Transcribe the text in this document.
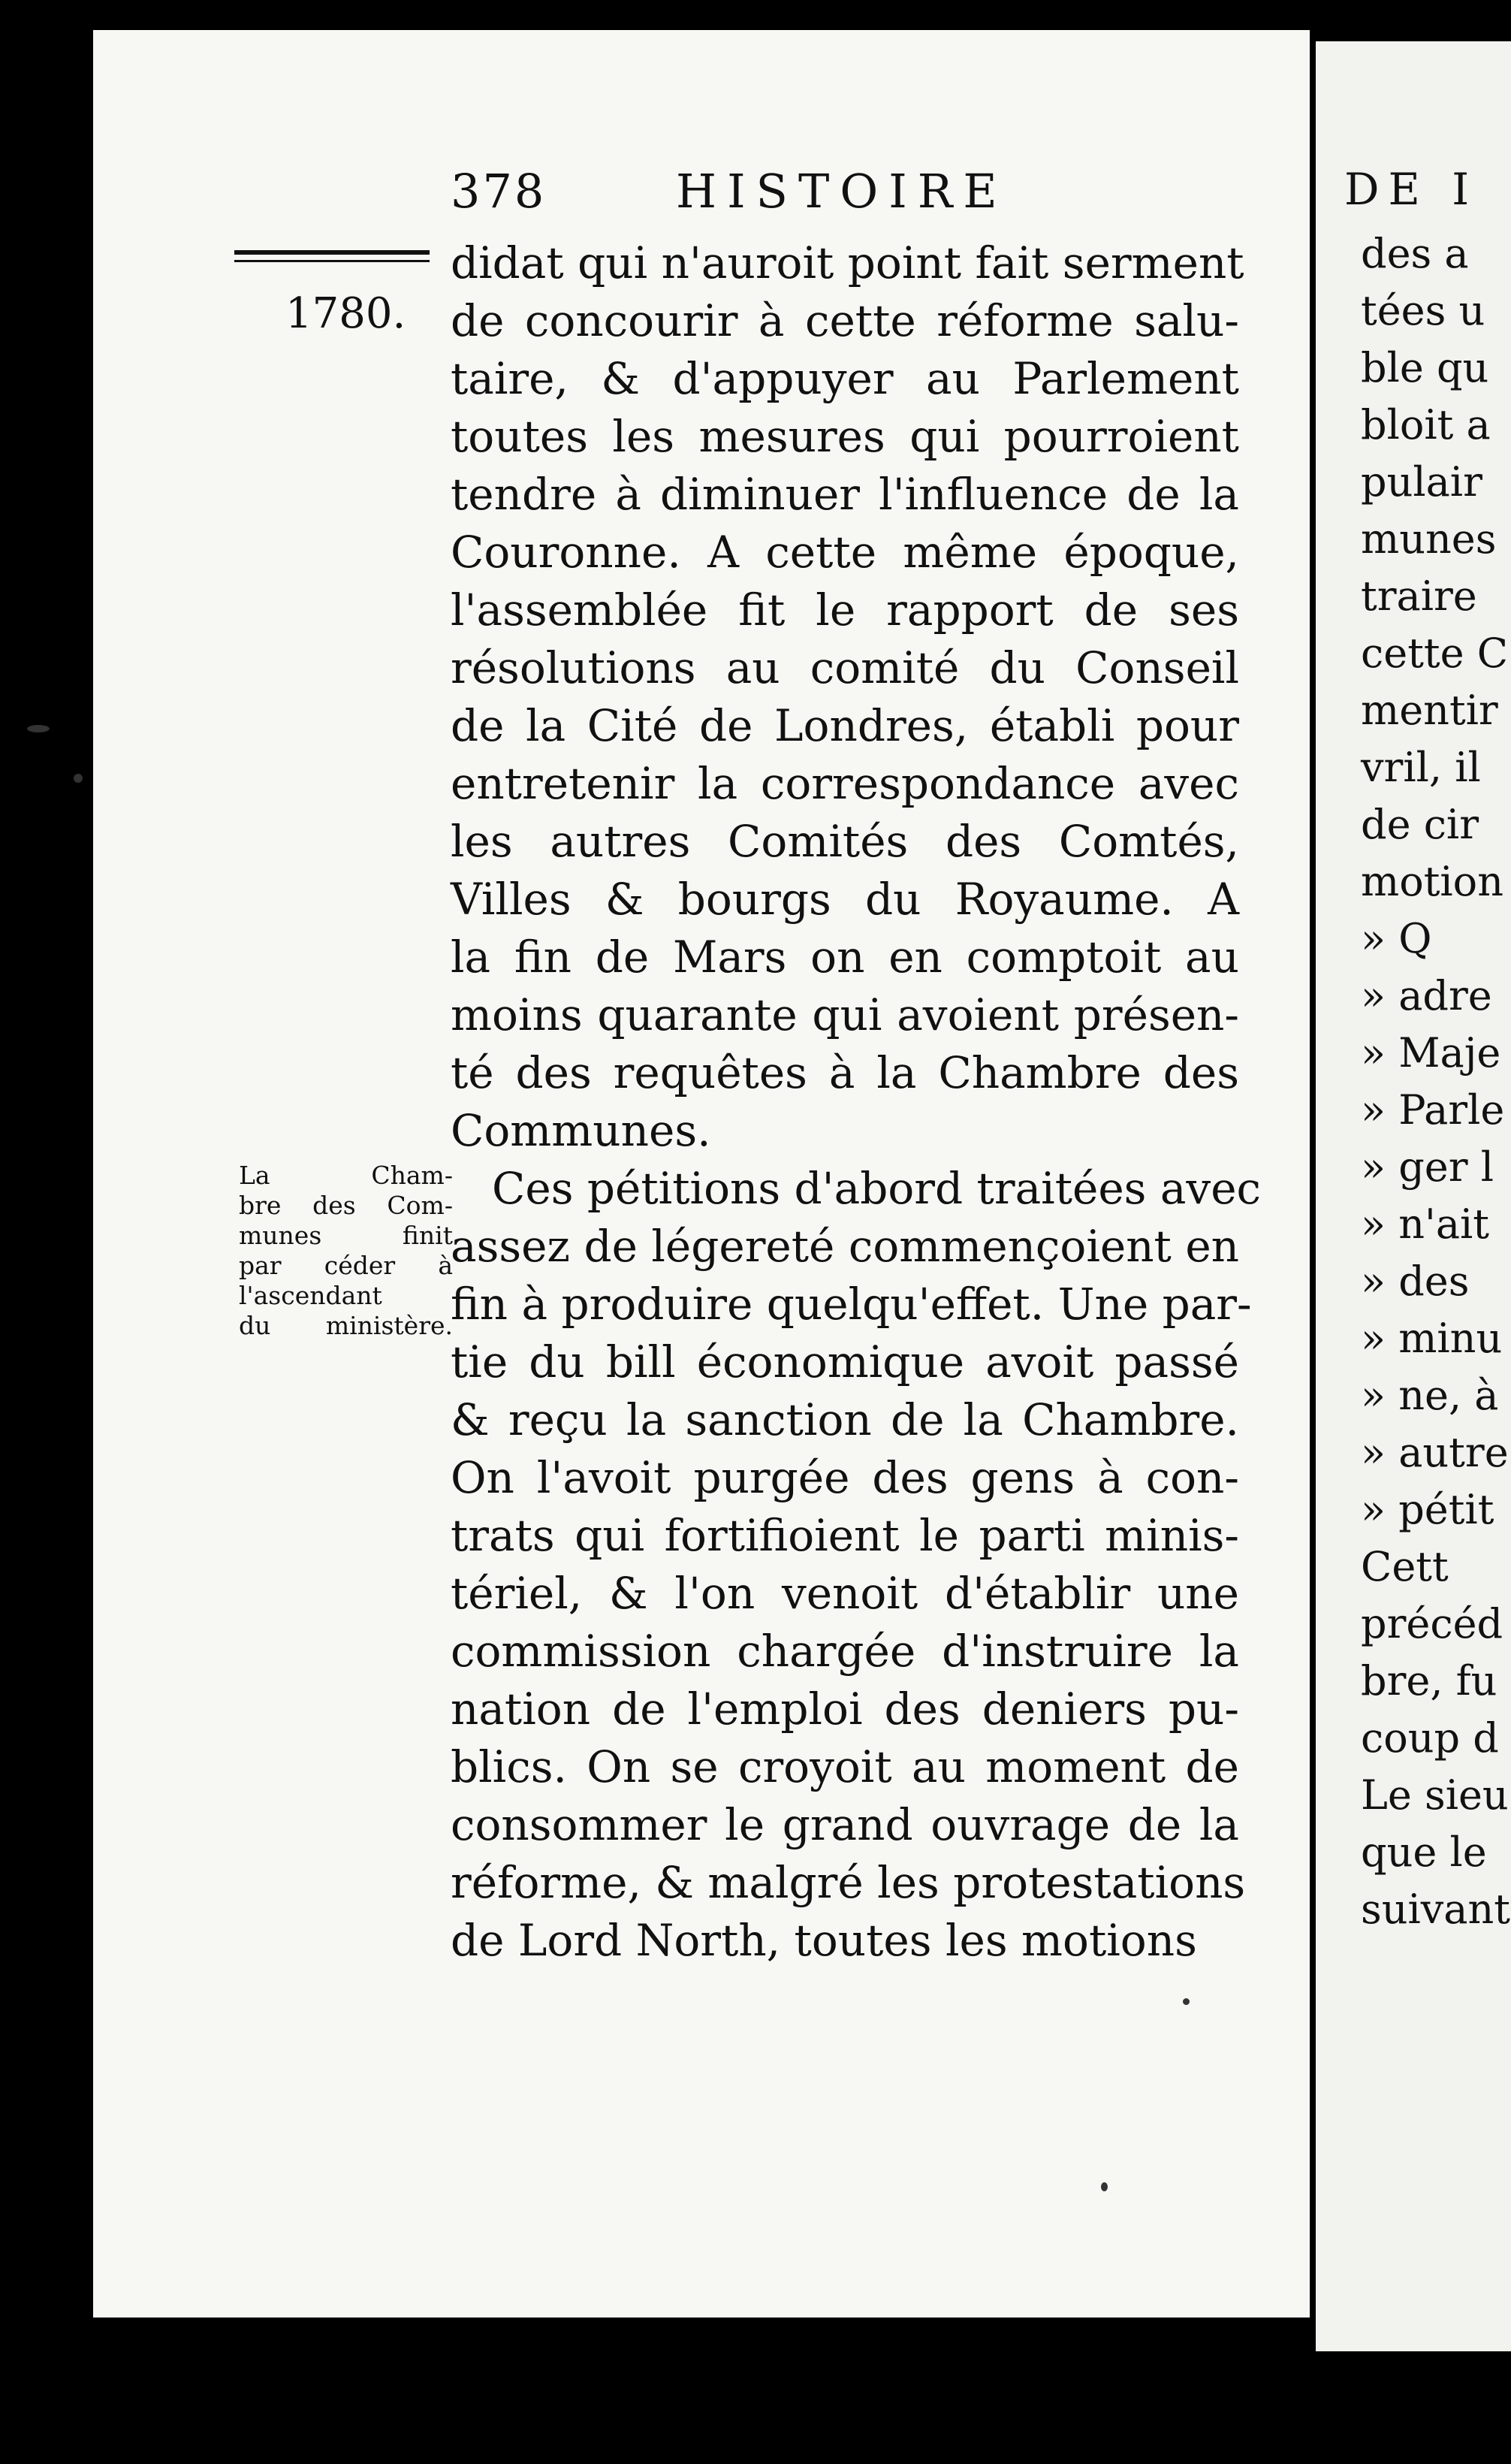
378	HISTOIRE
1780.
didat qui n'auroit point fait serment
de concourir à cette réforme salu-
taire, & d'appuyer au Parlement
toutes les mesures qui pourroient
tendre à diminuer l'influence de la
Couronne. A cette même époque,
l'assemblée fit le rapport de ses
résolutions au comité du Conseil
de la Cité de Londres, établi pour
entretenir la correspondance avec
les autres Comités des Comtés,
Villes & bourgs du Royaume. A
la fin de Mars on en comptoit au
moins quarante qui avoient présen-
té des requêtes à la Chambre des
Communes.
Ces pétitions d'abord traitées avec
assez de légereté commençoient en
fin à produire quelqu'effet. Une par-
tie du bill économique avoit passé
& reçu la sanction de la Chambre.
On l'avoit purgée des gens à con-
trats qui fortifioient le parti minis-
tériel, & l'on venoit d'établir une
commission chargée d'instruire la
nation de l'emploi des deniers pu-
blics. On se croyoit au moment de
consommer le grand ouvrage de la
réforme, & malgré les protestations
de Lord North, toutes les motions
La Cham-
bre des Com-
munes finit
par céder à
l'ascendant
du ministère.
DE I
des a
tées u
ble qu
bloit a
pulair
munes
traire
cette C
mentir
vril, il
de cir
motion
» Q
» adre
» Maje
» Parle
» ger l
» n'ait
» des
» minu
» ne, à
» autre
» pétit
Cett
précéd
bre, fu
coup d
Le sieu
que le
suivant
